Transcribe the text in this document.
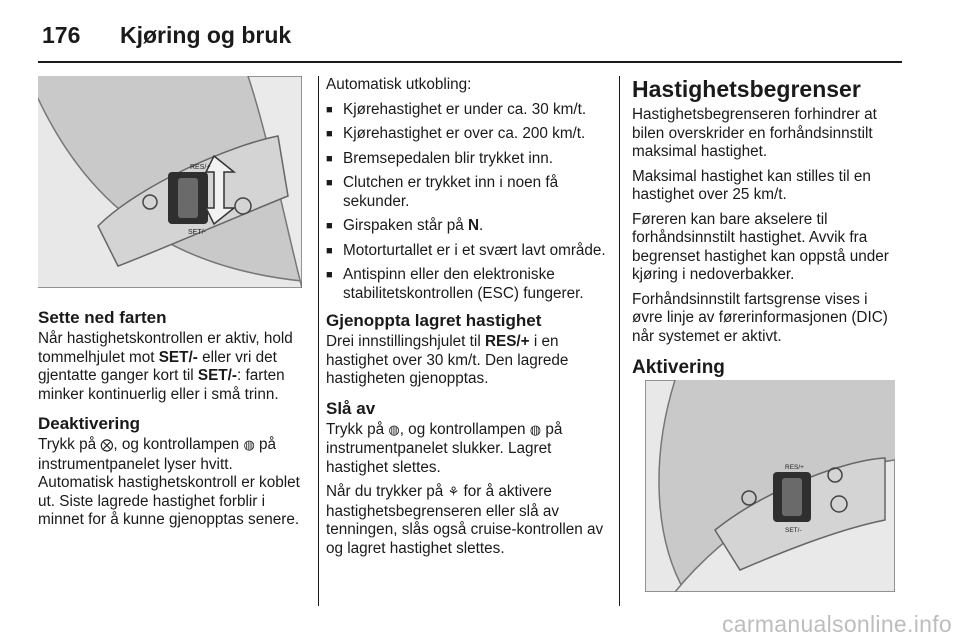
176 Kjøring og bruk
RES/+
SET/-
Sette ned farten

Når hastighetskontrollen er aktiv, hold tommelhjulet mot SET/- eller vri det gjentatte ganger kort til SET/-: farten minker kontinuerlig eller i små trinn.

Deaktivering

Trykk på ⨂, og kontrollampen ◍ på instrumentpanelet lyser hvitt. Automatisk hastighetskontroll er koblet ut. Siste lagrede hastighet forblir i minnet for å kunne gjenopptas senere.

Automatisk utkobling:

■ Kjørehastighet er under ca. 30 km/t.
■ Kjørehastighet er over ca. 200 km/t.
■ Bremsepedalen blir trykket inn.
■ Clutchen er trykket inn i noen få sekunder.
■ Girspaken står på N.
■ Motorturtallet er i et svært lavt område.
■ Antispinn eller den elektroniske stabilitetskontrollen (ESC) fungerer.
Gjenoppta lagret hastighet

Drei innstillingshjulet til RES/+ i en hastighet over 30 km/t. Den lagrede hastigheten gjenopptas.

Slå av

Trykk på ◍, og kontrollampen ◍ på instrumentpanelet slukker. Lagret hastighet slettes.

Når du trykker på ⚘ for å aktivere hastighetsbegrenseren eller slå av tenningen, slås også cruise-kontrollen av og lagret hastighet slettes.

Hastighetsbegrenser

Hastighetsbegrenseren forhindrer at bilen overskrider en forhåndsinnstilt maksimal hastighet.

Maksimal hastighet kan stilles til en hastighet over 25 km/t.

Føreren kan bare akselere til forhåndsinnstilt hastighet. Avvik fra begrenset hastighet kan oppstå under kjøring i nedoverbakker.

Forhåndsinnstilt fartsgrense vises i øvre linje av førerinformasjonen (DIC) når systemet er aktivt.

Aktivering
RES/+
SET/-
carmanualsonline.info
